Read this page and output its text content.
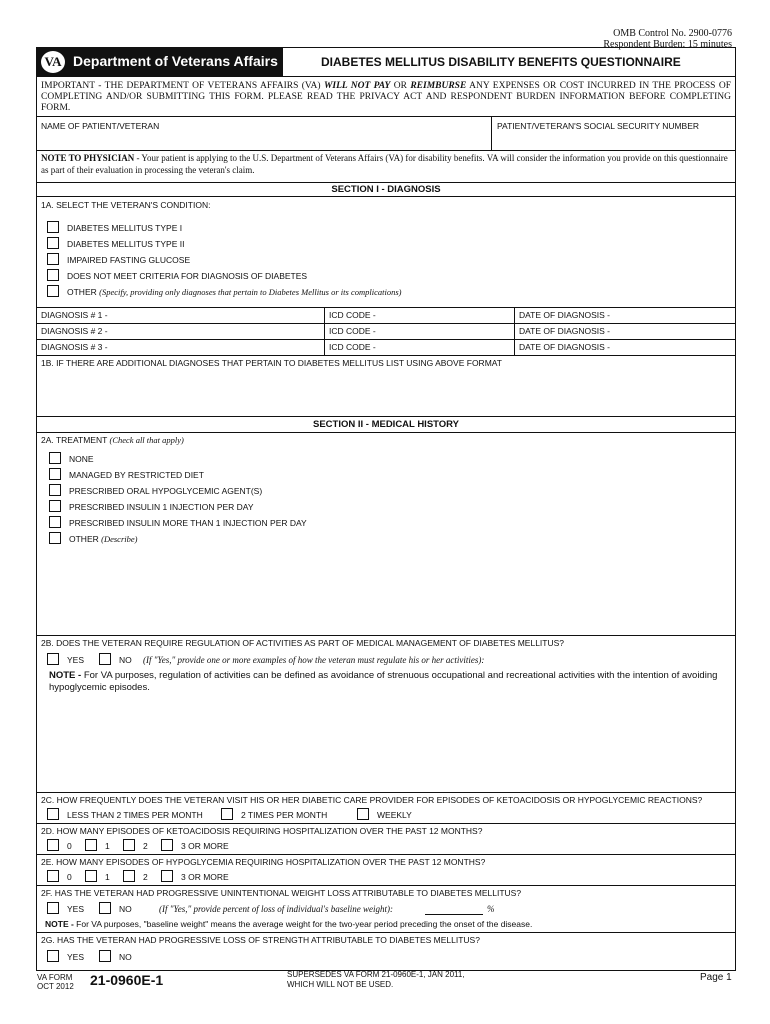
OMB Control No. 2900-0776
Respondent Burden: 15 minutes
VA Department of Veterans Affairs	DIABETES MELLITUS DISABILITY BENEFITS QUESTIONNAIRE
IMPORTANT - THE DEPARTMENT OF VETERANS AFFAIRS (VA) WILL NOT PAY OR REIMBURSE ANY EXPENSES OR COST INCURRED IN THE PROCESS OF COMPLETING AND/OR SUBMITTING THIS FORM. PLEASE READ THE PRIVACY ACT AND RESPONDENT BURDEN INFORMATION BEFORE COMPLETING FORM.
NAME OF PATIENT/VETERAN	PATIENT/VETERAN'S SOCIAL SECURITY NUMBER
NOTE TO PHYSICIAN - Your patient is applying to the U.S. Department of Veterans Affairs (VA) for disability benefits. VA will consider the information you provide on this questionnaire as part of their evaluation in processing the veteran's claim.
SECTION I - DIAGNOSIS
1A. SELECT THE VETERAN'S CONDITION:
DIABETES MELLITUS TYPE I
DIABETES MELLITUS TYPE II
IMPAIRED FASTING GLUCOSE
DOES NOT MEET CRITERIA FOR DIAGNOSIS OF DIABETES
OTHER (Specify, providing only diagnoses that pertain to Diabetes Mellitus or its complications)
DIAGNOSIS # 1 -	ICD CODE -	DATE OF DIAGNOSIS -
DIAGNOSIS # 2 -	ICD CODE -	DATE OF DIAGNOSIS -
DIAGNOSIS # 3 -	ICD CODE -	DATE OF DIAGNOSIS -
1B. IF THERE ARE ADDITIONAL DIAGNOSES THAT PERTAIN TO DIABETES MELLITUS LIST USING ABOVE FORMAT
SECTION II - MEDICAL HISTORY
2A. TREATMENT (Check all that apply)
NONE
MANAGED BY RESTRICTED DIET
PRESCRIBED ORAL HYPOGLYCEMIC AGENT(S)
PRESCRIBED INSULIN 1 INJECTION PER DAY
PRESCRIBED INSULIN MORE THAN 1 INJECTION PER DAY
OTHER (Describe)
2B. DOES THE VETERAN REQUIRE REGULATION OF ACTIVITIES AS PART OF MEDICAL MANAGEMENT OF DIABETES MELLITUS?
YES	NO (If "Yes," provide one or more examples of how the veteran must regulate his or her activities):
NOTE - For VA purposes, regulation of activities can be defined as avoidance of strenuous occupational and recreational activities with the intention of avoiding hypoglycemic episodes.
2C. HOW FREQUENTLY DOES THE VETERAN VISIT HIS OR HER DIABETIC CARE PROVIDER FOR EPISODES OF KETOACIDOSIS OR HYPOGLYCEMIC REACTIONS?
LESS THAN 2 TIMES PER MONTH	2 TIMES PER MONTH	WEEKLY
2D. HOW MANY EPISODES OF KETOACIDOSIS REQUIRING HOSPITALIZATION OVER THE PAST 12 MONTHS?
0	1	2	3 OR MORE
2E. HOW MANY EPISODES OF HYPOGLYCEMIA REQUIRING HOSPITALIZATION OVER THE PAST 12 MONTHS?
0	1	2	3 OR MORE
2F. HAS THE VETERAN HAD PROGRESSIVE UNINTENTIONAL WEIGHT LOSS ATTRIBUTABLE TO DIABETES MELLITUS?
YES	NO	(If "Yes," provide percent of loss of individual's baseline weight):	%
NOTE - For VA purposes, "baseline weight" means the average weight for the two-year period preceding the onset of the disease.
2G. HAS THE VETERAN HAD PROGRESSIVE LOSS OF STRENGTH ATTRIBUTABLE TO DIABETES MELLITUS?
YES	NO
VA FORM
OCT 2012 21-0960E-1	SUPERSEDES VA FORM 21-0960E-1, JAN 2011,
WHICH WILL NOT BE USED.
Page 1
